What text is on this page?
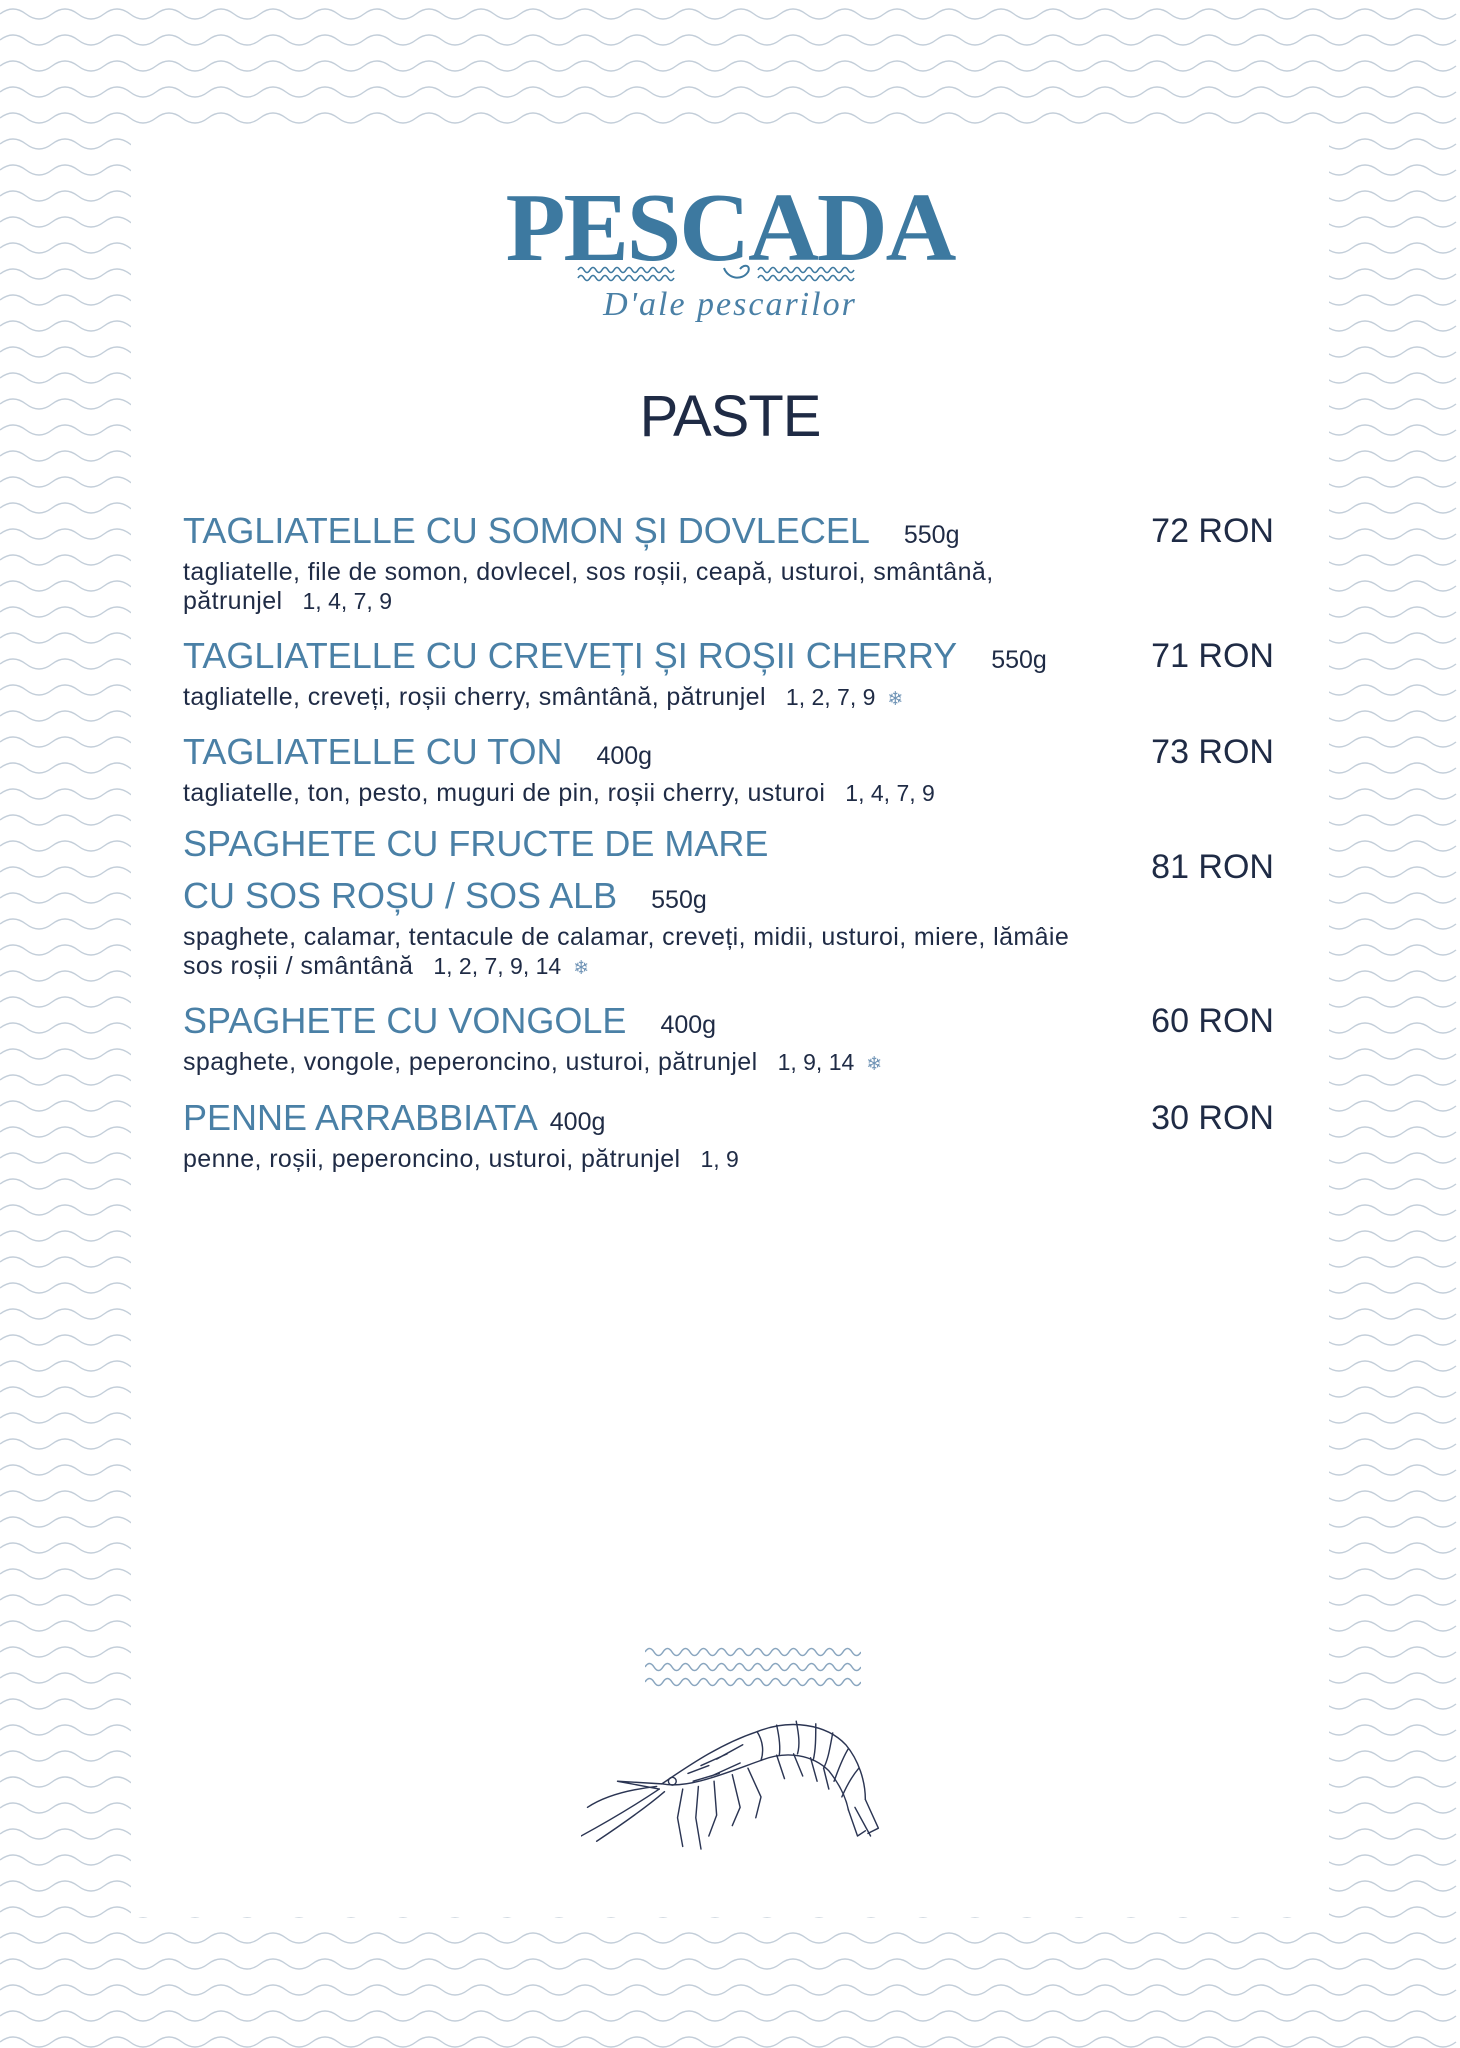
PESCADA
D'ale pescarilor
PASTE
TAGLIATELLE CU SOMON ȘI DOVLECEL 550g
tagliatelle, file de somon, dovlecel, sos roșii, ceapă, usturoi, smântână,
pătrunjel 1, 4, 7, 9
72 RON
TAGLIATELLE CU CREVEȚI ȘI ROȘII CHERRY 550g
tagliatelle, creveți, roșii cherry, smântână, pătrunjel 1, 2, 7, 9 ❄
71 RON
TAGLIATELLE CU TON 400g
tagliatelle, ton, pesto, muguri de pin, roșii cherry, usturoi 1, 4, 7, 9
73 RON
SPAGHETE CU FRUCTE DE MARE
CU SOS ROȘU / SOS ALB 550g
spaghete, calamar, tentacule de calamar, creveți, midii, usturoi, miere, lămâie
sos roșii / smântână 1, 2, 7, 9, 14 ❄
81 RON
SPAGHETE CU VONGOLE 400g
spaghete, vongole, peperoncino, usturoi, pătrunjel 1, 9, 14 ❄
60 RON
PENNE ARRABBIATA 400g
penne, roșii, peperoncino, usturoi, pătrunjel 1, 9
30 RON
